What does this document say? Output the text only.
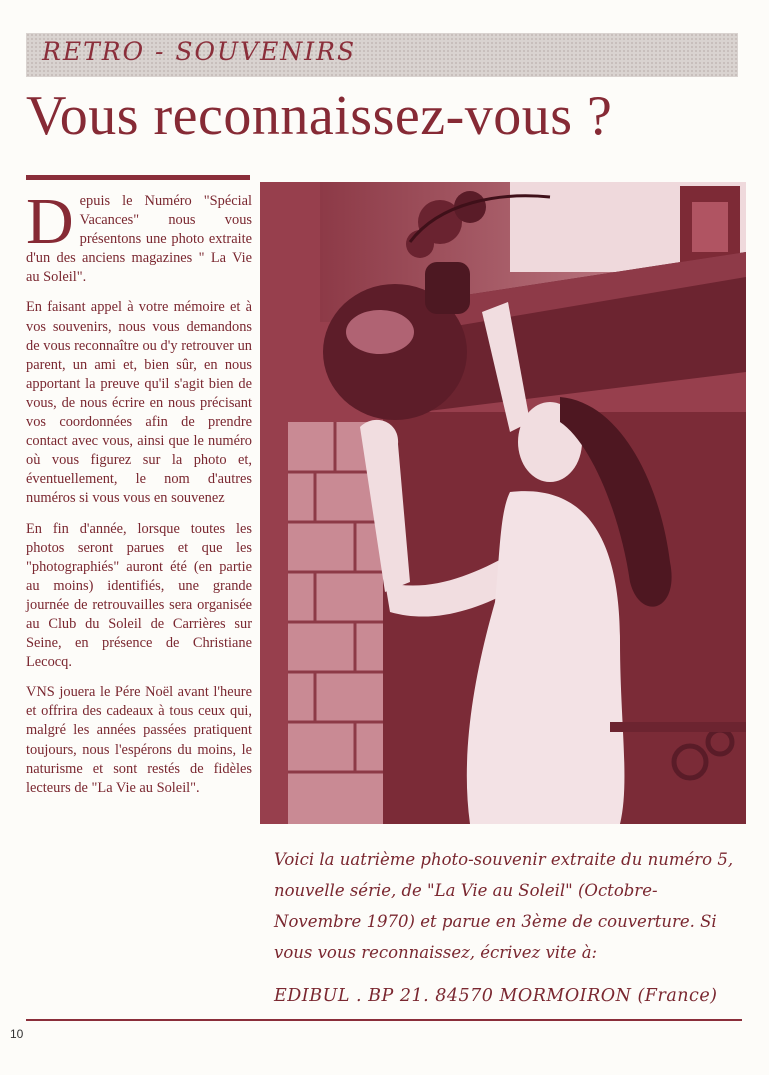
RETRO - SOUVENIRS
Vous reconnaissez-vous ?

Depuis le Numéro "Spécial Vacances" nous vous présentons une photo extraite d'un des anciens magazines " La Vie au Soleil".

En faisant appel à votre mémoire et à vos souvenirs, nous vous demandons de vous reconnaître ou d'y retrouver un parent, un ami et, bien sûr, en nous apportant la preuve qu'il s'agit bien de vous, de nous écrire en nous précisant vos coordonnées afin de prendre contact avec vous, ainsi que le numéro où vous figurez sur la photo et, éventuellement, le nom d'autres numéros si vous vous en souvenez

En fin d'année, lorsque toutes les photos seront parues et que les "photographiés" auront été (en partie au moins) identifiés, une grande journée de retrouvailles sera organisée au Club du Soleil de Carrières sur Seine, en présence de Christiane Lecocq.

VNS jouera le Pére Noël avant l'heure et offrira des cadeaux à tous ceux qui, malgré les années passées pratiquent toujours, nous l'espérons du moins, le naturisme et sont restés de fidèles lecteurs de "La Vie au Soleil".

Voici la uatrième photo-souvenir extraite du numéro 5, nouvelle série, de "La Vie au Soleil" (Octobre-Novembre 1970) et parue en 3ème de couverture. Si vous vous reconnaissez, écrivez vite à:
EDIBUL . BP 21. 84570 MORMOIRON (France)
10
